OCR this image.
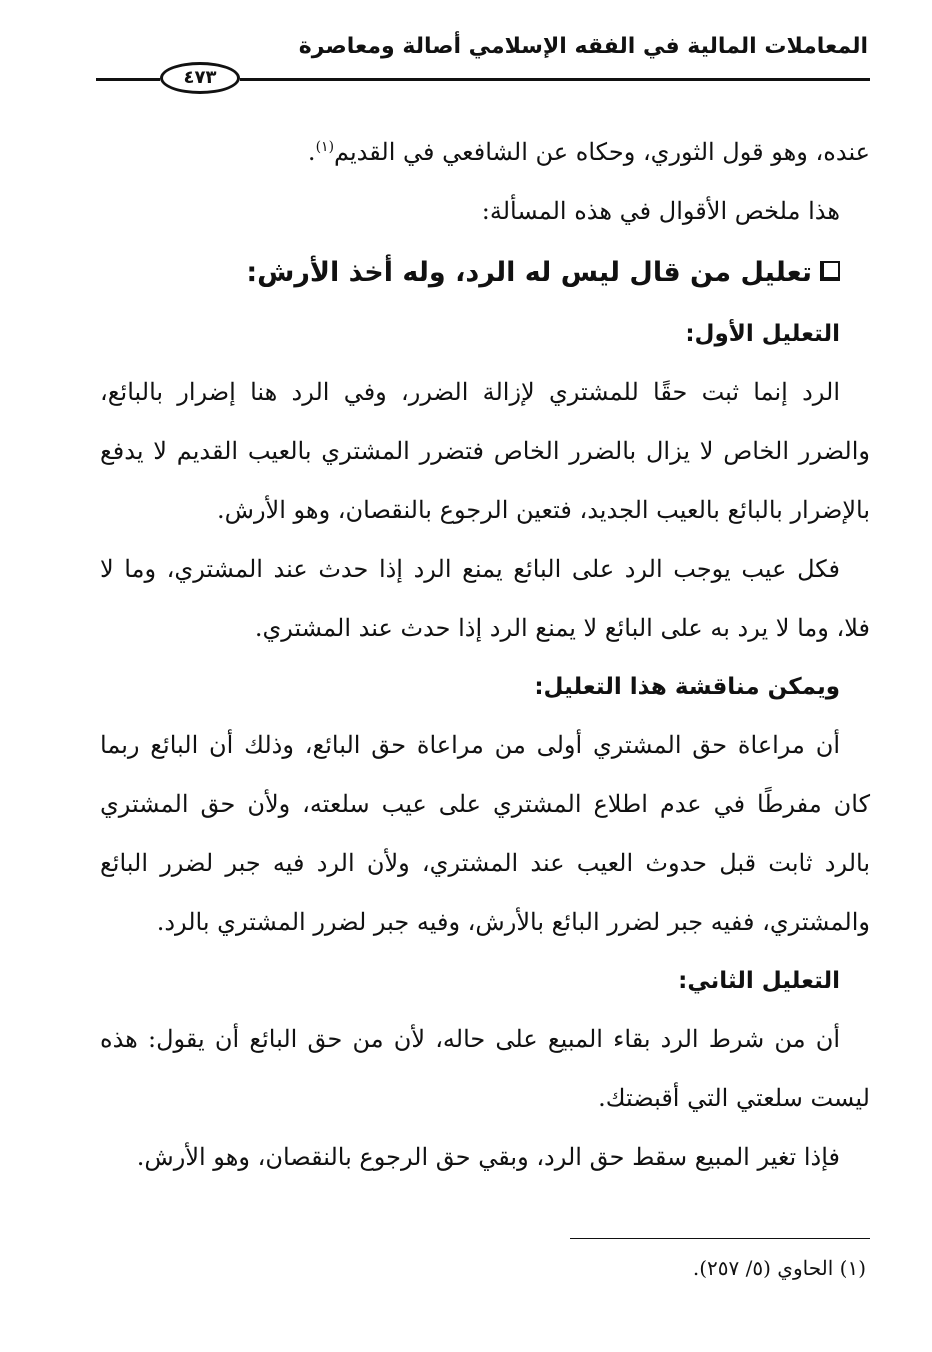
المعاملات المالية في الفقه الإسلامي أصالة ومعاصرة
٤٧٣

عنده، وهو قول الثوري، وحكاه عن الشافعي في القديم$^{(١)}$.

هذا ملخص الأقوال في هذه المسألة:

تعليل من قال ليس له الرد، وله أخذ الأرش:
التعليل الأول:

الرد إنما ثبت حقًا للمشتري لإزالة الضرر، وفي الرد هنا إضرار بالبائع، والضرر الخاص لا يزال بالضرر الخاص فتضرر المشتري بالعيب القديم لا يدفع بالإضرار بالبائع بالعيب الجديد، فتعين الرجوع بالنقصان، وهو الأرش.

فكل عيب يوجب الرد على البائع يمنع الرد إذا حدث عند المشتري، وما لا فلا، وما لا يرد به على البائع لا يمنع الرد إذا حدث عند المشتري.

ويمكن مناقشة هذا التعليل:

أن مراعاة حق المشتري أولى من مراعاة حق البائع، وذلك أن البائع ربما كان مفرطًا في عدم اطلاع المشتري على عيب سلعته، ولأن حق المشتري بالرد ثابت قبل حدوث العيب عند المشتري، ولأن الرد فيه جبر لضرر البائع والمشتري، ففيه جبر لضرر البائع بالأرش، وفيه جبر لضرر المشتري بالرد.

التعليل الثاني:

أن من شرط الرد بقاء المبيع على حاله، لأن من حق البائع أن يقول: هذه ليست سلعتي التي أقبضتك.

فإذا تغير المبيع سقط حق الرد، وبقي حق الرجوع بالنقصان، وهو الأرش.

(١) الحاوي (٥/ ٢٥٧).
